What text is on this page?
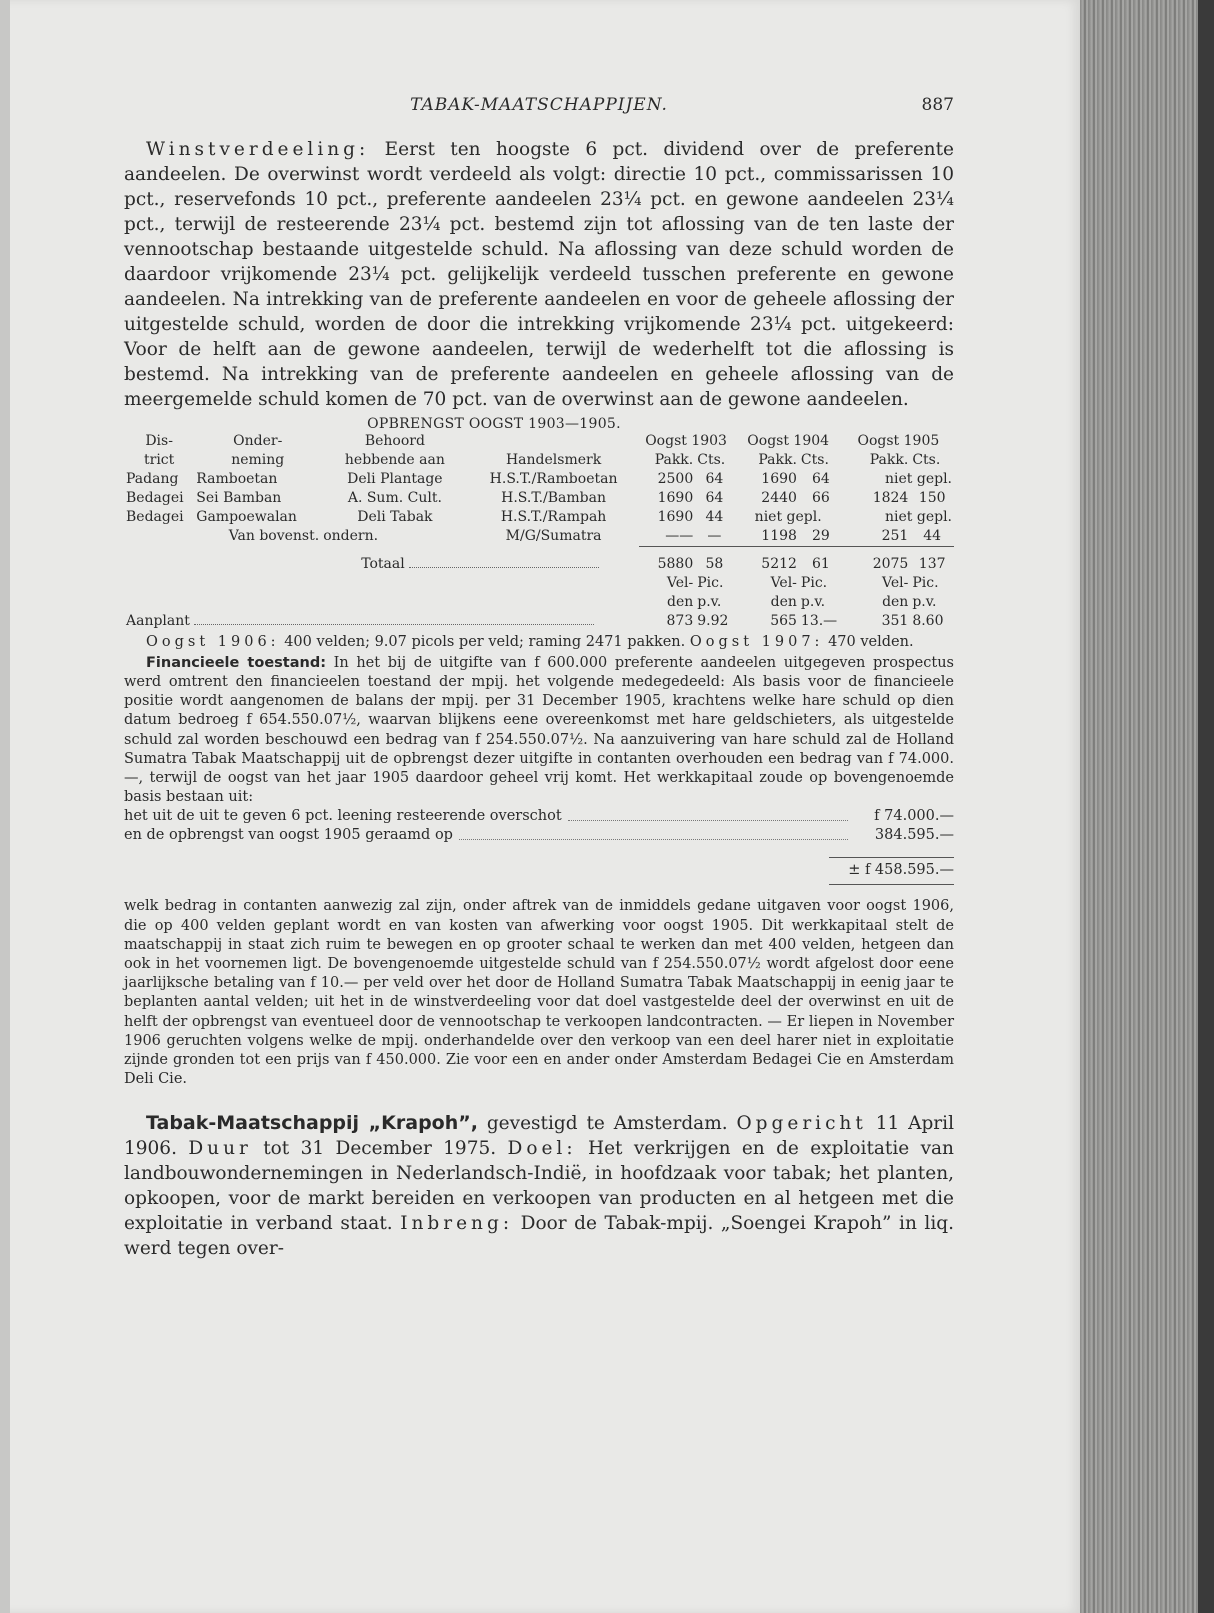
TABAK-MAATSCHAPPIJEN.	887

Winstverdeeling: Eerst ten hoogste 6 pct. dividend over de preferente aandeelen. De overwinst wordt verdeeld als volgt: directie 10 pct., commissarissen 10 pct., reservefonds 10 pct., preferente aandeelen 23¼ pct. en gewone aandeelen 23¼ pct., terwijl de resteerende 23¼ pct. bestemd zijn tot aflossing van de ten laste der vennootschap bestaande uitgestelde schuld. Na aflossing van deze schuld worden de daardoor vrijkomende 23¼ pct. gelijkelijk verdeeld tusschen preferente en gewone aandeelen. Na intrekking van de preferente aandeelen en voor de geheele aflossing der uitgestelde schuld, worden de door die intrekking vrijkomende 23¼ pct. uitgekeerd: Voor de helft aan de gewone aandeelen, terwijl de wederhelft tot die aflossing is bestemd. Na intrekking van de preferente aandeelen en geheele aflossing van de meergemelde schuld komen de 70 pct. van de overwinst aan de gewone aandeelen.

OPBRENGST OOGST 1903—1905.
Dis-	Onder-	Behoord		Oogst 1903		Oogst 1904		Oogst 1905	
trict	neming	hebbende aan	Handelsmerk	Pakk.	Cts.	Pakk.	Cts.	Pakk.	Cts.
Padang	Ramboetan	Deli Plantage	H.S.T./Ramboetan	2500	64	1690	64	niet gepl.	
Bedagei	Sei Bamban	A. Sum. Cult.	H.S.T./Bamban	1690	64	2440	66	1824	150
Bedagei	Gampoewalan	Deli Tabak	H.S.T./Rampah	1690	44	niet gepl.		niet gepl.	
	Van bovenst.	ondern.	M/G/Sumatra	——	—	1198	29	251	44

		Totaal		5880	58	5212	61	2075	137
				Vel-	Pic.	Vel-	Pic.	Vel-	Pic.
				den	p.v.	den	p.v.	den	p.v.
Aanplant				873	9.92	565	13.—	351	8.60

Oogst 1906: 400 velden; 9.07 picols per veld; raming 2471 pakken. Oogst 1907: 470 velden.

Financieele toestand: In het bij de uitgifte van f 600.000 preferente aandeelen uitgegeven prospectus werd omtrent den financieelen toestand der mpij. het volgende medegedeeld: Als basis voor de financieele positie wordt aangenomen de balans der mpij. per 31 December 1905, krachtens welke hare schuld op dien datum bedroeg f 654.550.07½, waarvan blijkens eene overeenkomst met hare geldschieters, als uitgestelde schuld zal worden beschouwd een bedrag van f 254.550.07½. Na aanzuivering van hare schuld zal de Holland Sumatra Tabak Maatschappij uit de opbrengst dezer uitgifte in contanten overhouden een bedrag van f 74.000.—, terwijl de oogst van het jaar 1905 daardoor geheel vrij komt. Het werkkapitaal zoude op bovengenoemde basis bestaan uit:

het uit de uit te geven 6 pct. leening resteerende overschot	f 74.000.—
en de opbrengst van oogst 1905 geraamd op	384.595.—
± f 458.595.—

welk bedrag in contanten aanwezig zal zijn, onder aftrek van de inmiddels gedane uitgaven voor oogst 1906, die op 400 velden geplant wordt en van kosten van afwerking voor oogst 1905. Dit werkkapitaal stelt de maatschappij in staat zich ruim te bewegen en op grooter schaal te werken dan met 400 velden, hetgeen dan ook in het voornemen ligt. De bovengenoemde uitgestelde schuld van f 254.550.07½ wordt afgelost door eene jaarlijksche betaling van f 10.— per veld over het door de Holland Sumatra Tabak Maatschappij in eenig jaar te beplanten aantal velden; uit het in de winstverdeeling voor dat doel vastgestelde deel der overwinst en uit de helft der opbrengst van eventueel door de vennootschap te verkoopen landcontracten. — Er liepen in November 1906 geruchten volgens welke de mpij. onderhandelde over den verkoop van een deel harer niet in exploitatie zijnde gronden tot een prijs van f 450.000. Zie voor een en ander onder Amsterdam Bedagei Cie en Amsterdam Deli Cie.

Tabak-Maatschappij „Krapoh”, gevestigd te Amsterdam. Opgericht 11 April 1906. Duur tot 31 December 1975. Doel: Het verkrijgen en de exploitatie van landbouwondernemingen in Nederlandsch-Indië, in hoofdzaak voor tabak; het planten, opkoopen, voor de markt bereiden en verkoopen van producten en al hetgeen met die exploitatie in verband staat. Inbreng: Door de Tabak-mpij. „Soengei Krapoh” in liq. werd tegen over-
